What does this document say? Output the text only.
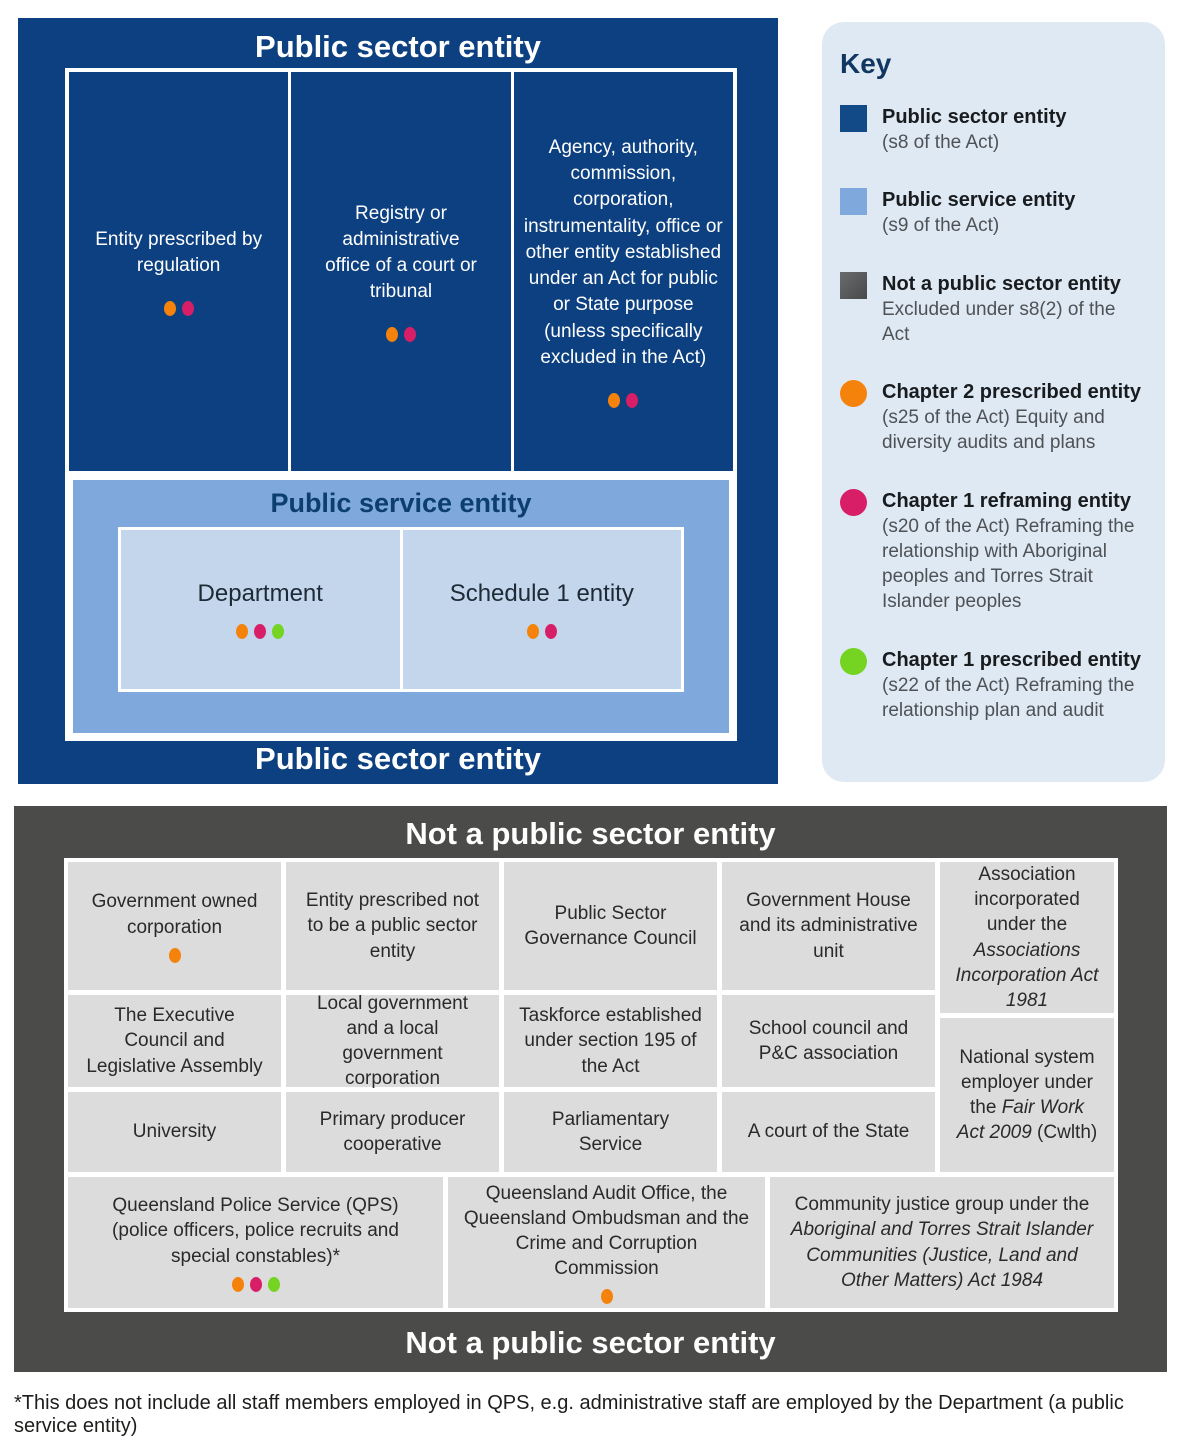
Public sector entity
Entity prescribed by regulation
Registry or administrative office of a court or tribunal
Agency, authority, commission, corporation, instrumentality, office or other entity established under an Act for public or State purpose (unless specifically excluded in the Act)
Public service entity
Department	Schedule 1 entity
Public sector entity
Key
Public sector entity
(s8 of the Act)
Public service entity
(s9 of the Act)
Not a public sector entity
Excluded under s8(2) of the Act
Chapter 2 prescribed entity
(s25 of the Act) Equity and diversity audits and plans
Chapter 1 reframing entity
(s20 of the Act) Reframing the relationship with Aboriginal peoples and Torres Strait Islander peoples
Chapter 1 prescribed entity
(s22 of the Act) Reframing the relationship plan and audit
Not a public sector entity
Government owned corporation
Entity prescribed not to be a public sector entity
Public Sector Governance Council
Government House and its administrative unit
The Executive Council and Legislative Assembly
Local government and a local government corporation
Taskforce established under section 195 of the Act
School council and P&C association
University
Primary producer cooperative
Parliamentary Service
A court of the State
Association incorporated under the Associations Incorporation Act 1981
National system employer under the Fair Work Act 2009 (Cwlth)
Queensland Police Service (QPS) (police officers, police recruits and special constables)*
Queensland Audit Office, the Queensland Ombudsman and the Crime and Corruption Commission
Community justice group under the Aboriginal and Torres Strait Islander Communities (Justice, Land and Other Matters) Act 1984
Not a public sector entity
*This does not include all staff members employed in QPS, e.g. administrative staff are employed by the Department (a public service entity)
